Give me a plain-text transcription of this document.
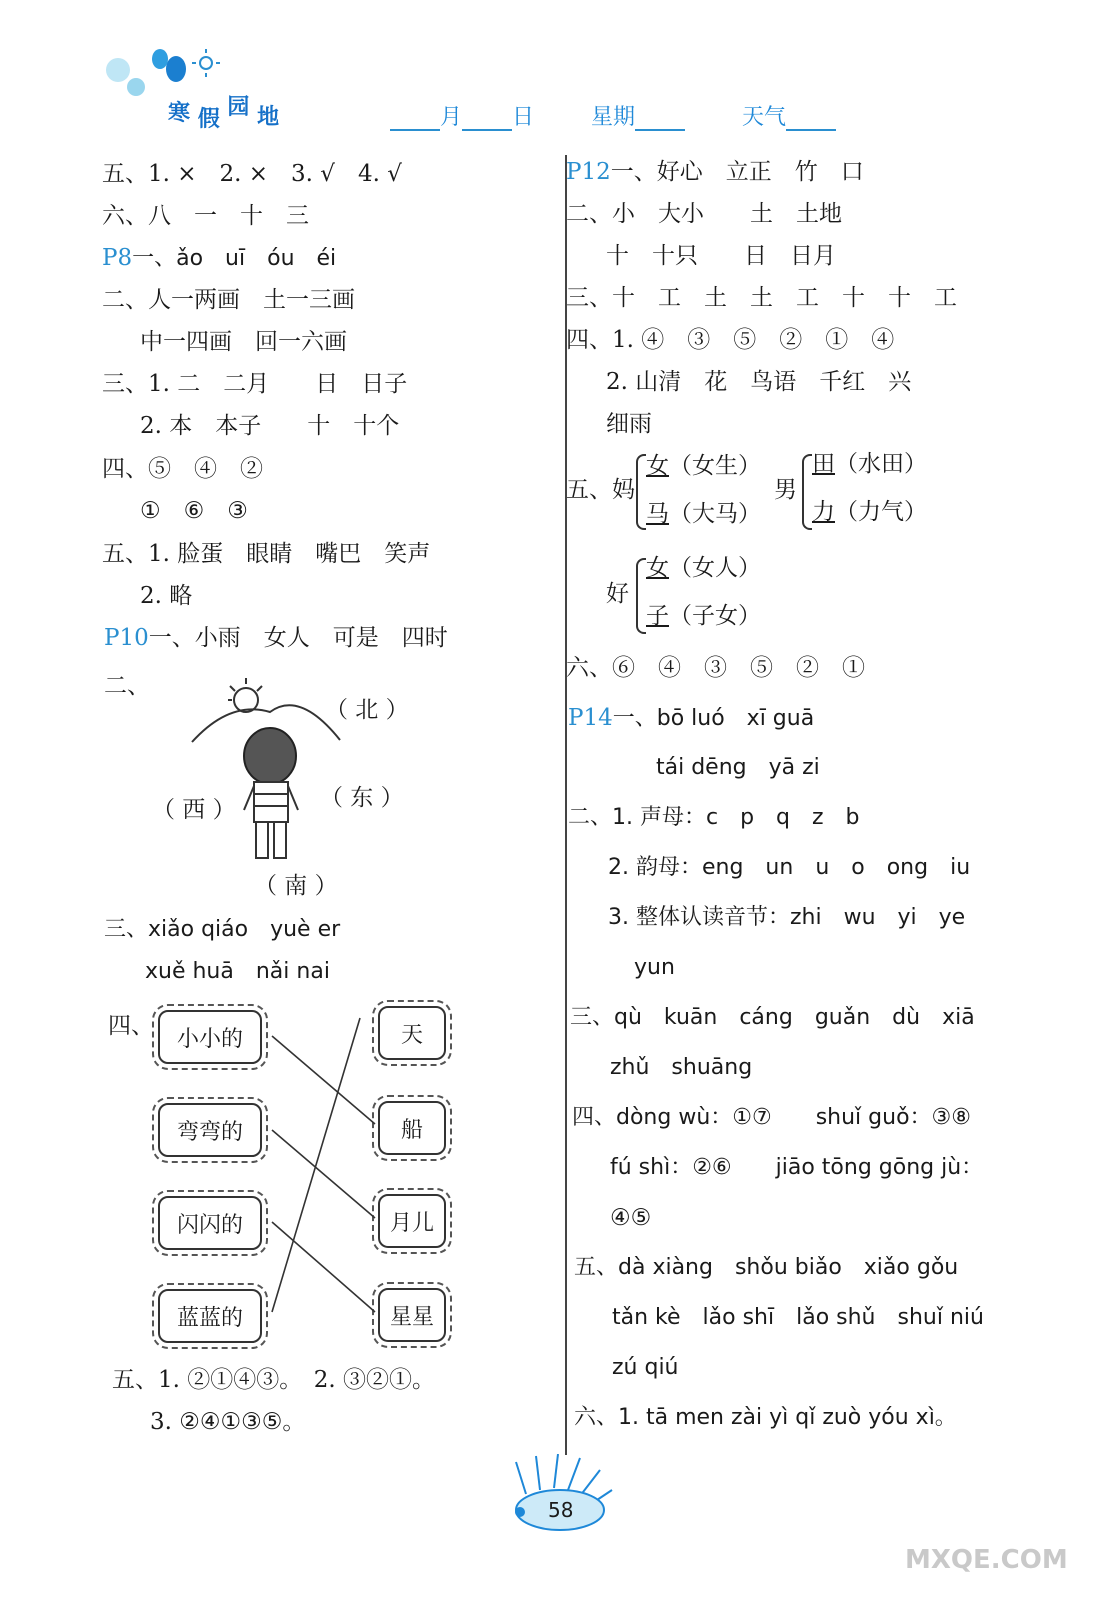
寒 假 园 地	月 日	星期	天气
五、1. ×　2. ×　3. √　4. √
六、八　一　十　三
P8一、ǎo　uī　óu　éi
二、人一两画　土一三画
中一四画　回一六画
三、1. 二　二月　　日　日子
2. 本　本子　　十　十个
四、⑤　④　②
①　⑥　③
五、1. 脸蛋　眼睛　嘴巴　笑声
2. 略
P10一、小雨　女人　可是　四时
二、
（ 北 ）
（ 西 ）	（ 东 ）
（ 南 ）
三、xiǎo qiáo　yuè er
xuě huā　nǎi nai
四、 小小的
弯弯的
闪闪的
蓝蓝的
天
船
月儿
星星
五、1. ②①④③。　2. ③②①。
3. ②④①③⑤。
P12一、好心　立正　竹　口
二、小　大小　　土　土地
十　十只　　日　日月
三、十　工　土　土　工　十　十　工
四、1. ④　③　⑤　②　①　④
2. 山清　花　鸟语　千红　兴
细雨
五、妈
女（女生）
马（大马）
男
田（水田）
力（力气）
好
女（女人）
子（子女）
六、⑥　④　③　⑤　②　①
P14一、bō luó　xī guā
tái dēng　yā zi
二、1. 声母：c　p　q　z　b
2. 韵母：eng　un　u　o　ong　iu
3. 整体认读音节：zhi　wu　yi　ye
yun
三、qù　kuān　cáng　guǎn　dù　xiā
zhǔ　shuāng
四、dòng wù：①⑦　　shuǐ guǒ：③⑧
fú shì：②⑥　　jiāo tōng gōng jù：
④⑤
五、dà xiàng　shǒu biǎo　xiǎo gǒu
tǎn kè　lǎo shī　lǎo shǔ　shuǐ niú
zú qiú
六、1. tā men zài yì qǐ zuò yóu xì。
58
MXQE.COM
